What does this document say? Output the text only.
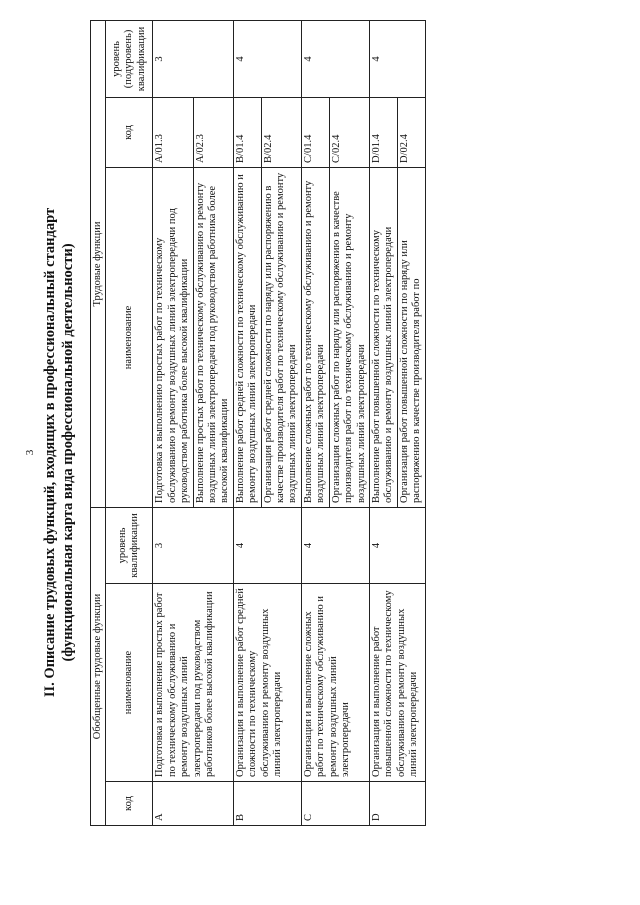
3 II. Описание трудовых функций, входящих в профессиональный стандарт (функциональная карта вида профессиональной деятельности)
Обобщенные трудовые функции			Трудовые функции		
код	наименование	уровень квалификации	наименование	код	уровень (подуровень) квалификации
A	Подготовка и выполнение простых работ по техническому обслуживанию и ремонту воздушных линий электропередачи под руководством работников более высокой квалификации	3	Подготовка к выполнению простых работ по техническому обслуживанию и ремонту воздушных линий электропередачи под руководством работника более высокой квалификации	A/01.3	3
			Выполнение простых работ по техническому обслуживанию и ремонту воздушных линий электропередачи под руководством работника более высокой квалификации	A/02.3	
B	Организация и выполнение работ средней сложности по техническому обслуживанию и ремонту воздушных линий электропередачи	4	Выполнение работ средней сложности по техническому обслуживанию и ремонту воздушных линий электропередачи	B/01.4	4
			Организация работ средней сложности по наряду или распоряжению в качестве производителя работ по техническому обслуживанию и ремонту воздушных линий электропередачи	B/02.4	
C	Организация и выполнение сложных работ по техническому обслуживанию и ремонту воздушных линий электропередачи	4	Выполнение сложных работ по техническому обслуживанию и ремонту воздушных линий электропередачи	C/01.4	4
			Организация сложных работ по наряду или распоряжению в качестве производителя работ по техническому обслуживанию и ремонту воздушных линий электропередачи	C/02.4	
D	Организация и выполнение работ повышенной сложности по техническому обслуживанию и ремонту воздушных линий электропередачи	4	Выполнение работ повышенной сложности по техническому обслуживанию и ремонту воздушных линий электропередачи	D/01.4	4
			Организация работ повышенной сложности по наряду или распоряжению в качестве производителя работ по	D/02.4	
